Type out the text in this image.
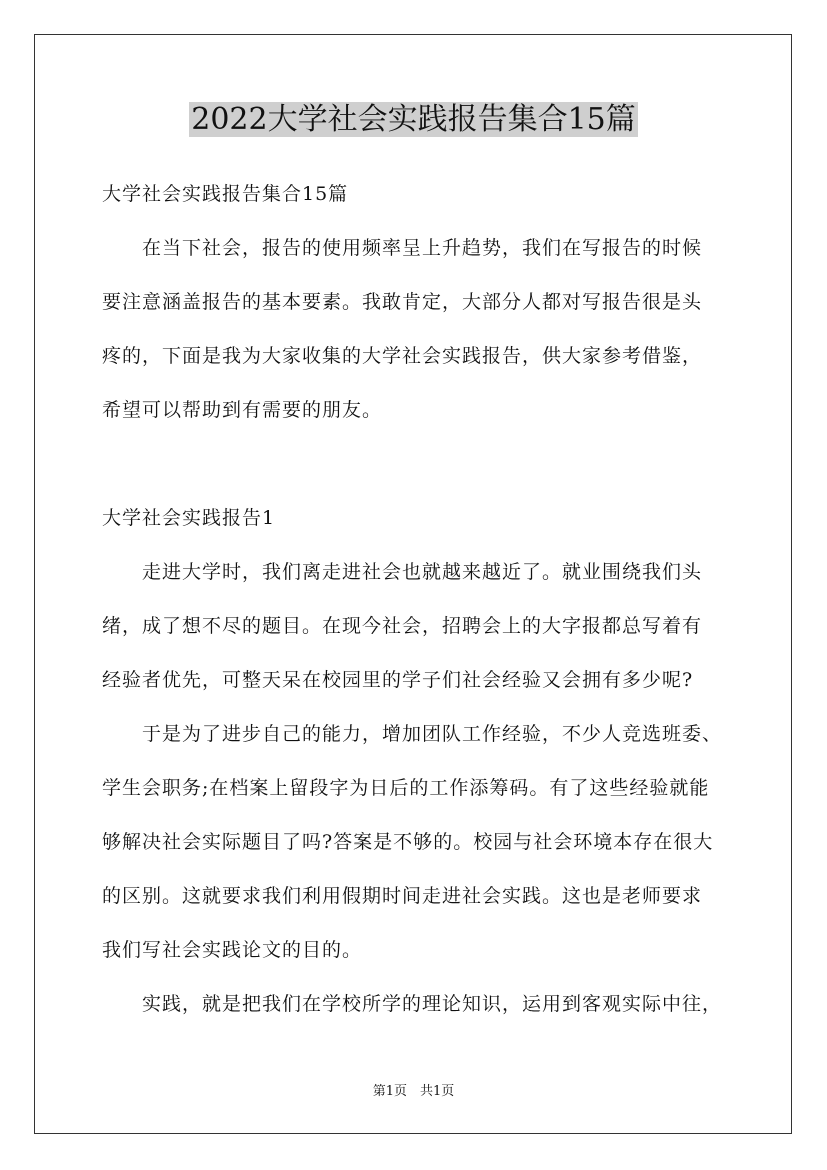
2022大学社会实践报告集合15篇
大学社会实践报告集合15篇
　　在当下社会，报告的使用频率呈上升趋势，我们在写报告的时候
要注意涵盖报告的基本要素。我敢肯定，大部分人都对写报告很是头
疼的，下面是我为大家收集的大学社会实践报告，供大家参考借鉴，
希望可以帮助到有需要的朋友。
大学社会实践报告1
　　走进大学时，我们离走进社会也就越来越近了。就业围绕我们头
绪，成了想不尽的题目。在现今社会，招聘会上的大字报都总写着有
经验者优先，可整天呆在校园里的学子们社会经验又会拥有多少呢?
　　于是为了进步自己的能力，增加团队工作经验，不少人竞选班委、
学生会职务;在档案上留段字为日后的工作添筹码。有了这些经验就能
够解决社会实际题目了吗?答案是不够的。校园与社会环境本存在很大
的区别。这就要求我们利用假期时间走进社会实践。这也是老师要求
我们写社会实践论文的目的。
　　实践，就是把我们在学校所学的理论知识，运用到客观实际中往，
第1页　共1页
